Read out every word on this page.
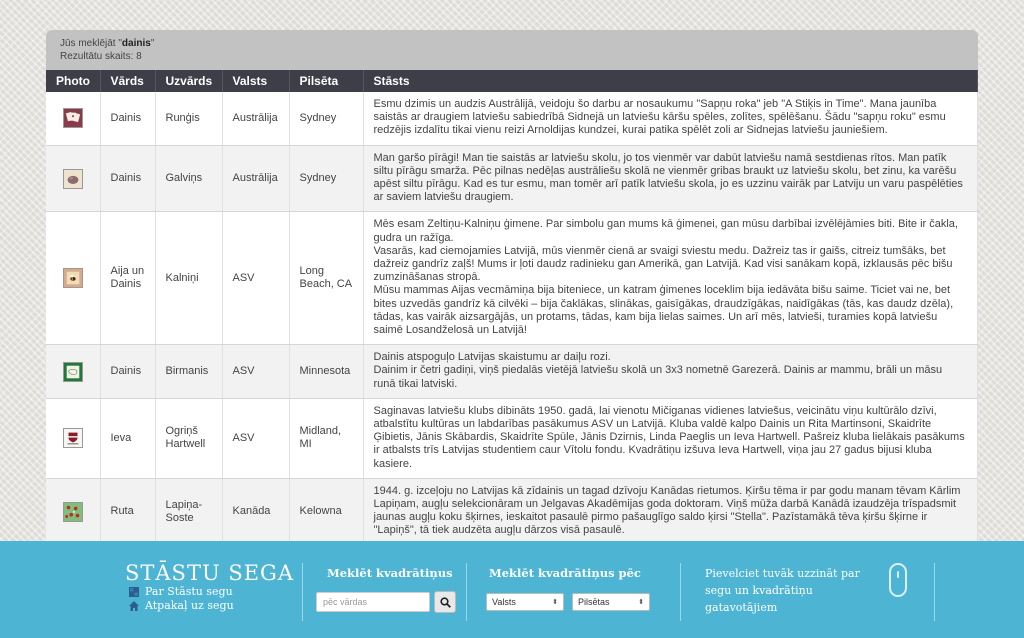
Jūs meklējāt "dainis"
Rezultātu skaits: 8
Photo	Vārds	Uzvārds	Valsts	Pilsēta	Stāsts

	Dainis	Runģis	Austrālija	Sydney	Esmu dzimis un audzis Austrālijā, veidoju šo darbu ar nosaukumu "Sapņu roka" jeb "A Stiķis in Time". Mana jaunība saistās ar draugiem latviešu sabiedrībā Sidnejā un latviešu kāršu spēles, zolītes, spēlēšanu. Šādu "sapņu roku" esmu redzējis izdalītu tikai vienu reizi Arnoldijas kundzei, kurai patika spēlēt zoli ar Sidnejas latviešu jauniešiem.

	Dainis	Galviņs	Austrālija	Sydney	Man garšo pīrāgi! Man tie saistās ar latviešu skolu, jo tos vienmēr var dabūt latviešu namā sestdienas rītos. Man patīk siltu pīrāgu smarža. Pēc pilnas nedēļas austrāliešu skolā ne vienmēr gribas braukt uz latviešu skolu, bet zinu, ka varēšu apēst siltu pīrāgu. Kad es tur esmu, man tomēr arī patīk latviešu skola, jo es uzzinu vairāk par Latviju un varu paspēlēties ar saviem latviešu draugiem.

	Aija un Dainis	Kalniņi	ASV	Long Beach, CA	Mēs esam Zeltiņu-Kalniņu ģimene. Par simbolu gan mums kā ģimenei, gan mūsu darbībai izvēlējāmies biti. Bite ir čakla, gudra un ražīga.
Vasarās, kad ciemojamies Latvijā, mūs vienmēr cienā ar svaigi sviestu medu. Dažreiz tas ir gaišs, citreiz tumšāks, bet dažreiz gandrīz zaļš! Mums ir ļoti daudz radinieku gan Amerikā, gan Latvijā. Kad visi sanākam kopā, izklausās pēc bišu zumzināšanas stropā.
Mūsu mammas Aijas vecmāmiņa bija biteniece, un katram ģimenes loceklim bija iedāvāta bišu saime. Ticiet vai ne, bet bites uzvedās gandrīz kā cilvēki – bija čaklākas, slinākas, gaisīgākas, draudzīgākas, naidīgākas (tās, kas daudz dzēla), tādas, kas vairāk aizsargājās, un protams, tādas, kam bija lielas saimes. Un arī mēs, latvieši, turamies kopā latviešu saimē Losandželosā un Latvijā!

	Dainis	Birmanis	ASV	Minnesota	Dainis atspoguļo Latvijas skaistumu ar daiļu rozi.
Dainim ir četri gadiņi, viņš piedalās vietējā latviešu skolā un 3x3 nometnē Garezerā. Dainis ar mammu, brāli un māsu runā tikai latviski.

	Ieva	Ogriņš Hartwell	ASV	Midland, MI	Saginavas latviešu klubs dibināts 1950. gadā, lai vienotu Mičiganas vidienes latviešus, veicinātu viņu kultūrālo dzīvi, atbalstītu kultūras un labdarības pasākumus ASV un Latvijā. Kluba valdē kalpo Dainis un Rita Martinsoni, Skaidrīte Ģibietis, Jānis Skābardis, Skaidrīte Spūle, Jānis Dzirnis, Linda Paeglis un Ieva Hartwell. Pašreiz kluba lielākais pasākums ir atbalsts trīs Latvijas studentiem caur Vītolu fondu. Kvadrātiņu izšuva Ieva Hartwell, viņa jau 27 gadus bijusi kluba kasiere.

	Ruta	Lapiņa-Soste	Kanāda	Kelowna	1944. g. izceļoju no Latvijas kā zīdainis un tagad dzīvoju Kanādas rietumos. Ķiršu tēma ir par godu manam tēvam Kārlim Lapiņam, augļu selekcionāram un Jelgavas Akadēmijas goda doktoram. Viņš mūža darbā Kanādā izaudzēja trīspadsmit jaunas augļu koku šķirnes, ieskaitot pasaulē pirmo pašauglīgo saldo ķirsi "Stella". Pazīstamākā tēva ķiršu šķirne ir "Lapiņš", tā tiek audzēta augļu dārzos visā pasaulē.
STĀSTU SEGA
Par Stāstu segu
Atpakaļ uz segu
Meklēt kvadrātiņus
pēc vārdas	Meklēt kvadrātiņus pēc
Valsts	⬍ Pilsētas	⬍
Pievelciet tuvāk uzzināt par segu un kvadrātiņu gatavotājiem
